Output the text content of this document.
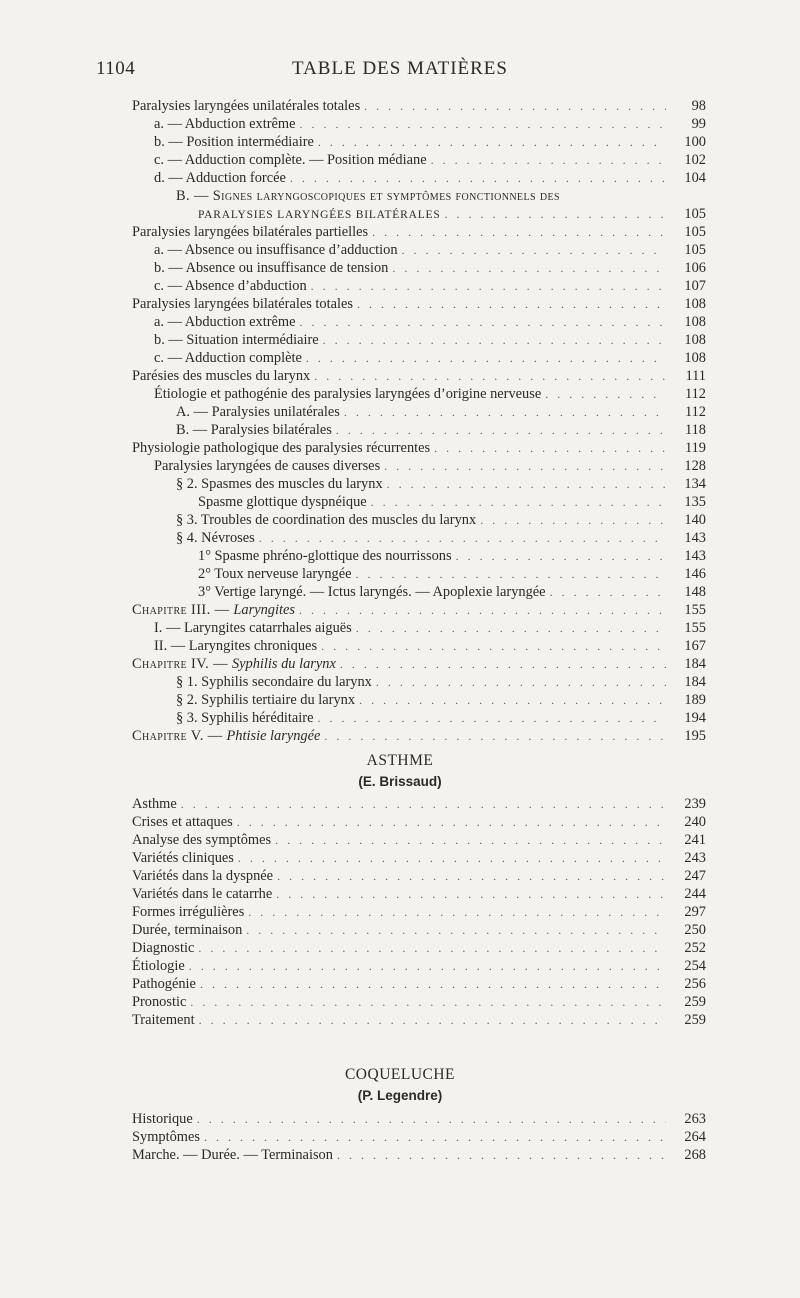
1104	TABLE DES MATIÈRES
Paralysies laryngées unilatérales totales . . .	98
a. — Abduction extrême . . .	99
b. — Position intermédiaire . . .	100
c. — Adduction complète. — Position médiane . . .	102
d. — Adduction forcée . . .	104
B. — Signes laryngoscopiques et symptômes fonctionnels des
PARALYSIES LARYNGÉES BILATÉRALES . . .	105
Paralysies laryngées bilatérales partielles . . .	105
a. — Absence ou insuffisance d’adduction . . .	105
b. — Absence ou insuffisance de tension . . .	106
c. — Absence d’abduction . . .	107
Paralysies laryngées bilatérales totales . . .	108
a. — Abduction extrême . . .	108
b. — Situation intermédiaire . . .	108
c. — Adduction complète . . .	108
Parésies des muscles du larynx . . .	111
Étiologie et pathogénie des paralysies laryngées d’origine nerveuse . . .	112
A. — Paralysies unilatérales . . .	112
B. — Paralysies bilatérales . . .	118
Physiologie pathologique des paralysies récurrentes . . .	119
Paralysies laryngées de causes diverses . . .	128
§ 2. Spasmes des muscles du larynx . . .	134
Spasme glottique dyspnéique . . .	135
§ 3. Troubles de coordination des muscles du larynx . . .	140
§ 4. Névroses . . .	143
1° Spasme phréno-glottique des nourrissons . . .	143
2° Toux nerveuse laryngée . . .	146
3° Vertige laryngé. — Ictus laryngés. — Apoplexie laryngée . . .	148
Chapitre III. — Laryngites . . .	155
I. — Laryngites catarrhales aiguës . . .	155
II. — Laryngites chroniques . . .	167
Chapitre IV. — Syphilis du larynx . . .	184
§ 1. Syphilis secondaire du larynx . . .	184
§ 2. Syphilis tertiaire du larynx . . .	189
§ 3. Syphilis héréditaire . . .	194
Chapitre V. — Phtisie laryngée . . .	195
ASTHME
(E. Brissaud)
Asthme . . .	239
Crises et attaques . . .	240
Analyse des symptômes . . .	241
Variétés cliniques . . .	243
Variétés dans la dyspnée . . .	247
Variétés dans le catarrhe . . .	244
Formes irrégulières . . .	297
Durée, terminaison . . .	250
Diagnostic . . .	252
Étiologie . . .	254
Pathogénie . . .	256
Pronostic . . .	259
Traitement . . .	259
COQUELUCHE
(P. Legendre)
Historique . . .	263
Symptômes . . .	264
Marche. — Durée. — Terminaison . . .	268
